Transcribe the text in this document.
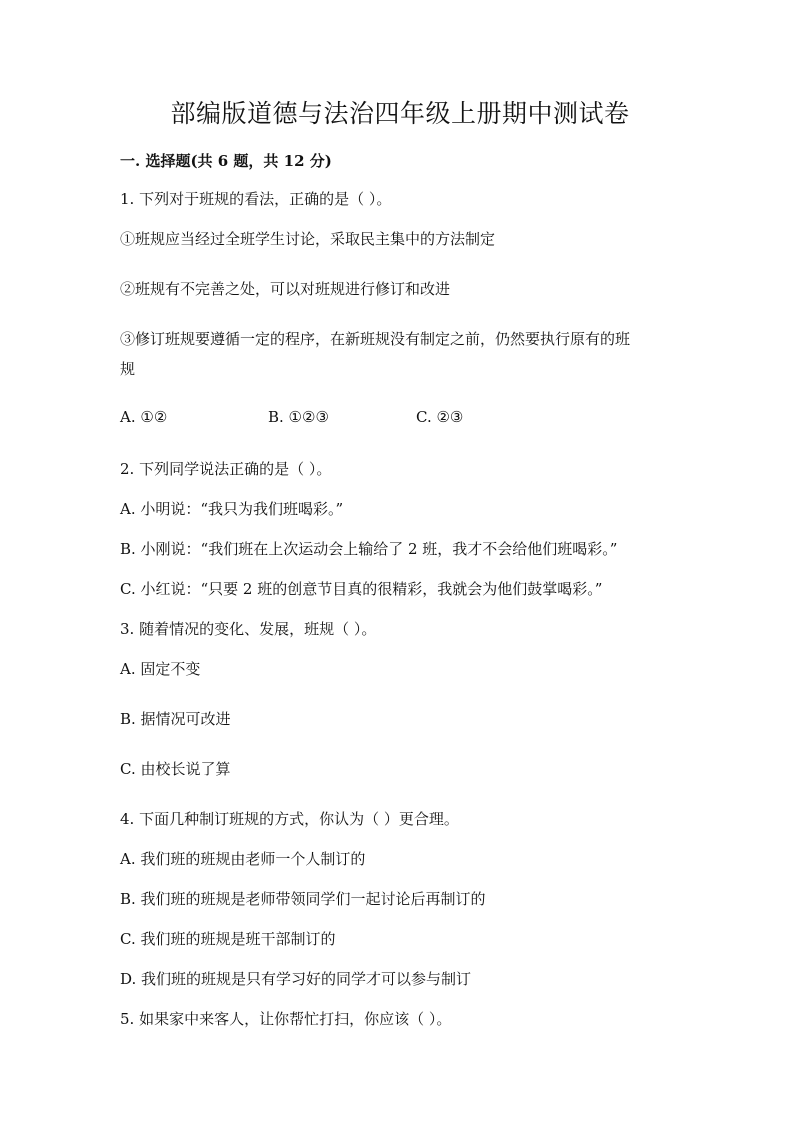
部编版道德与法治四年级上册期中测试卷
一. 选择题(共 6 题，共 12 分)
1. 下列对于班规的看法，正确的是（ ）。
①班规应当经过全班学生讨论，采取民主集中的方法制定
②班规有不完善之处，可以对班规进行修订和改进
③修订班规要遵循一定的程序，在新班规没有制定之前，仍然要执行原有的班
规
A. ①②	B. ①②③	C. ②③
2. 下列同学说法正确的是（ ）。
A. 小明说：“我只为我们班喝彩。”
B. 小刚说：“我们班在上次运动会上输给了 2 班，我才不会给他们班喝彩。”
C. 小红说：“只要 2 班的创意节目真的很精彩，我就会为他们鼓掌喝彩。”
3. 随着情况的变化、发展，班规（ ）。
A. 固定不变
B. 据情况可改进
C. 由校长说了算
4. 下面几种制订班规的方式，你认为（ ）更合理。
A. 我们班的班规由老师一个人制订的
B. 我们班的班规是老师带领同学们一起讨论后再制订的
C. 我们班的班规是班干部制订的
D. 我们班的班规是只有学习好的同学才可以参与制订
5. 如果家中来客人，让你帮忙打扫，你应该（ ）。
